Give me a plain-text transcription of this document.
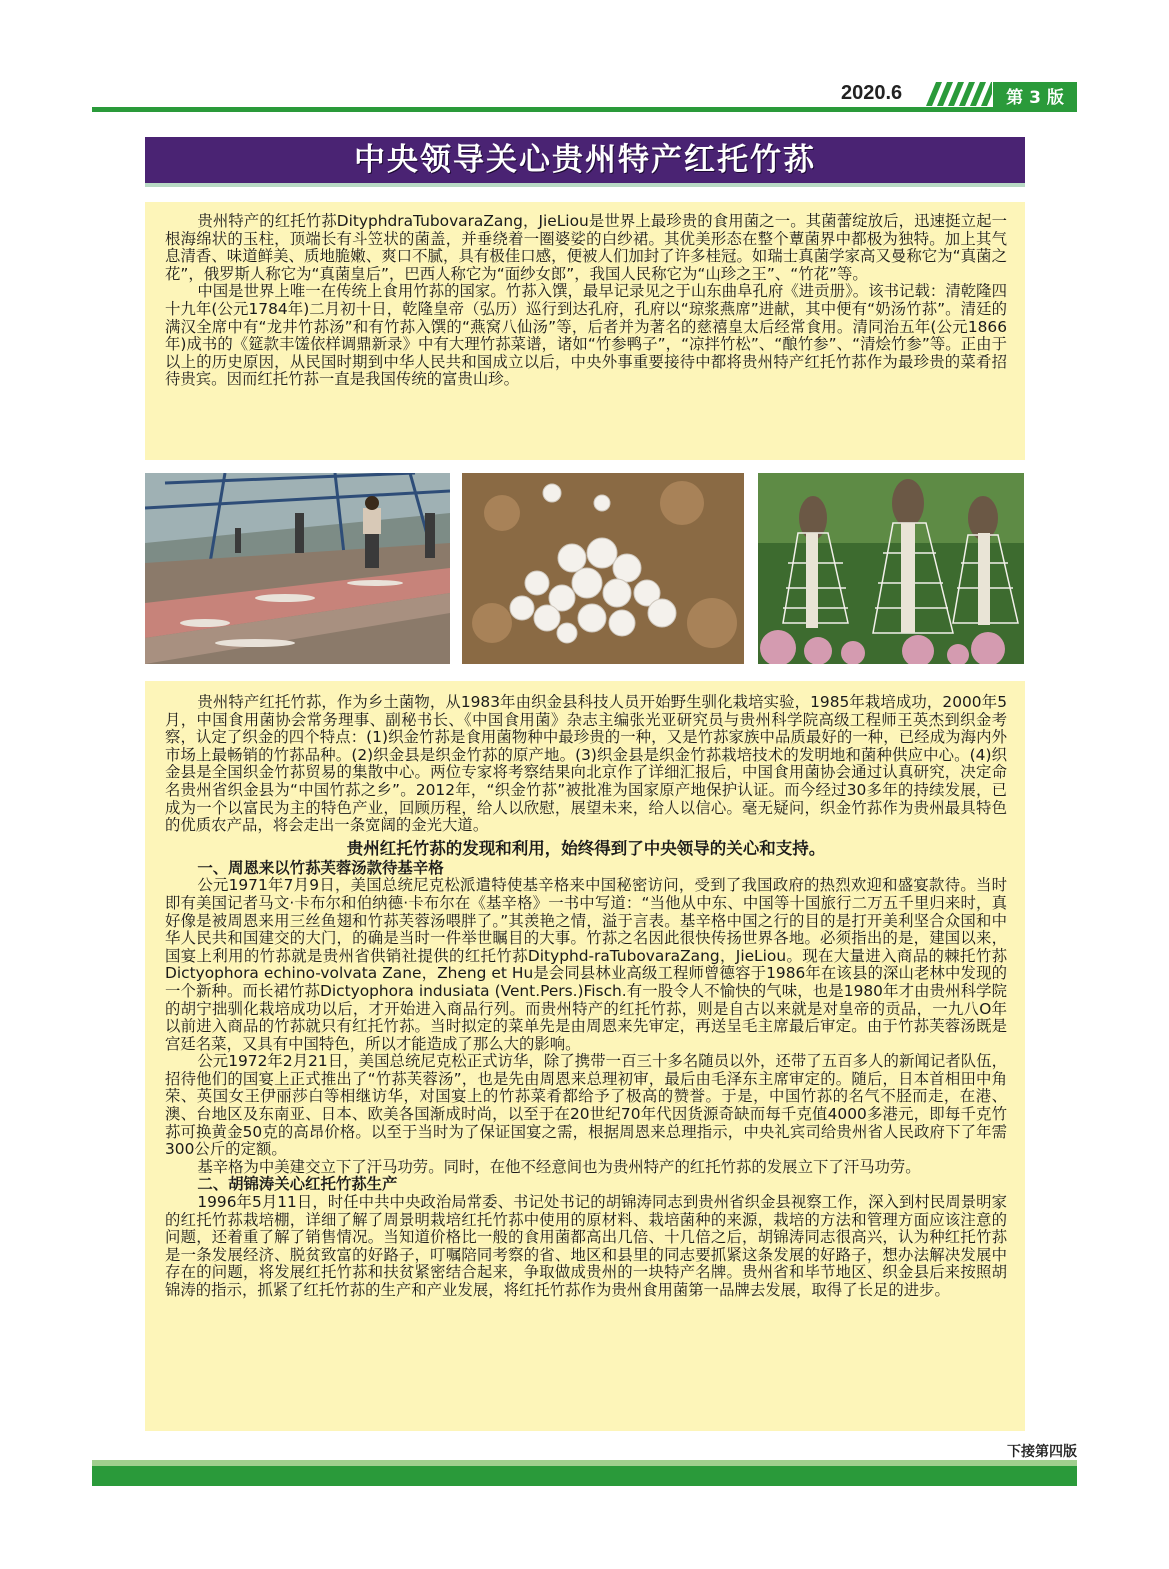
2020.6	第 3 版
中央领导关心贵州特产红托竹荪

贵州特产的红托竹荪DityphdraTubovaraZang，JieLiou是世界上最珍贵的食用菌之一。其菌蕾绽放后，迅速挺立起一根海绵状的玉柱，顶端长有斗笠状的菌盖，并垂绕着一圈婆娑的白纱裙。其优美形态在整个蕈菌界中都极为独特。加上其气息清香、味道鲜美、质地脆嫩、爽口不腻，具有极佳口感，便被人们加封了许多桂冠。如瑞士真菌学家高又曼称它为“真菌之花”，俄罗斯人称它为“真菌皇后”，巴西人称它为“面纱女郎”，我国人民称它为“山珍之王”、“竹花”等。

中国是世界上唯一在传统上食用竹荪的国家。竹荪入馔，最早记录见之于山东曲阜孔府《进贡册》。该书记载：清乾隆四十九年(公元1784年)二月初十日，乾隆皇帝（弘历）巡行到达孔府，孔府以“琼浆燕席”进献，其中便有“奶汤竹荪”。清廷的满汉全席中有“龙井竹荪汤”和有竹荪入馔的“燕窝八仙汤”等，后者并为著名的慈禧皇太后经常食用。清同治五年(公元1866年)成书的《筵款丰馐依样调鼎新录》中有大理竹荪菜谱，诸如“竹参鸭子”，“凉拌竹松”、“酿竹参”、“清烩竹参”等。正由于以上的历史原因，从民国时期到中华人民共和国成立以后，中央外事重要接待中都将贵州特产红托竹荪作为最珍贵的菜肴招待贵宾。因而红托竹荪一直是我国传统的富贵山珍。

贵州特产红托竹荪，作为乡土菌物，从1983年由织金县科技人员开始野生驯化栽培实验，1985年栽培成功，2000年5月，中国食用菌协会常务理事、副秘书长、《中国食用菌》杂志主编张光亚研究员与贵州科学院高级工程师王英杰到织金考察，认定了织金的四个特点：(1)织金竹荪是食用菌物种中最珍贵的一种，又是竹荪家族中品质最好的一种，已经成为海内外市场上最畅销的竹荪品种。(2)织金县是织金竹荪的原产地。(3)织金县是织金竹荪栽培技术的发明地和菌种供应中心。(4)织金县是全国织金竹荪贸易的集散中心。两位专家将考察结果向北京作了详细汇报后，中国食用菌协会通过认真研究，决定命名贵州省织金县为“中国竹荪之乡”。2012年，“织金竹荪”被批准为国家原产地保护认证。而今经过30多年的持续发展，已成为一个以富民为主的特色产业，回顾历程，给人以欣慰，展望未来，给人以信心。毫无疑问，织金竹荪作为贵州最具特色的优质农产品，将会走出一条宽阔的金光大道。

贵州红托竹荪的发现和利用，始终得到了中央领导的关心和支持。
一、周恩来以竹荪芙蓉汤款待基辛格

公元1971年7月9日，美国总统尼克松派遣特使基辛格来中国秘密访问，受到了我国政府的热烈欢迎和盛宴款待。当时即有美国记者马文·卡布尔和伯纳德·卡布尔在《基辛格》一书中写道：“当他从中东、中国等十国旅行二万五千里归来时，真好像是被周恩来用三丝鱼翅和竹荪芙蓉汤喂胖了。”其羡艳之情，溢于言表。基辛格中国之行的目的是打开美利坚合众国和中华人民共和国建交的大门，的确是当时一件举世瞩目的大事。竹荪之名因此很快传扬世界各地。必须指出的是，建国以来，国宴上利用的竹荪就是贵州省供销社提供的红托竹荪Dityphd-raTubovaraZang，JieLiou。现在大量进入商品的棘托竹荪Dictyophora echino-volvata Zane，Zheng et Hu是会同县林业高级工程师曾德容于1986年在该县的深山老林中发现的一个新种。而长裙竹荪Dictyophora indusiata (Vent.Pers.)Fisch.有一股令人不愉快的气味，也是1980年才由贵州科学院的胡宁拙驯化栽培成功以后，才开始进入商品行列。而贵州特产的红托竹荪，则是自古以来就是对皇帝的贡品，一九八O年以前进入商品的竹荪就只有红托竹荪。当时拟定的菜单先是由周恩来先审定，再送呈毛主席最后审定。由于竹荪芙蓉汤既是宫廷名菜，又具有中国特色，所以才能造成了那么大的影响。

公元1972年2月21日，美国总统尼克松正式访华，除了携带一百三十多名随员以外，还带了五百多人的新闻记者队伍，招待他们的国宴上正式推出了“竹荪芙蓉汤”，也是先由周恩来总理初审，最后由毛泽东主席审定的。随后，日本首相田中角荣、英国女王伊丽莎白等相继访华，对国宴上的竹荪菜肴都给予了极高的赞誉。于是，中国竹荪的名气不胫而走，在港、澳、台地区及东南亚、日本、欧美各国渐成时尚，以至于在20世纪70年代因货源奇缺而每千克值4000多港元，即每千克竹荪可换黄金50克的高昂价格。以至于当时为了保证国宴之需，根据周恩来总理指示，中央礼宾司给贵州省人民政府下了年需300公斤的定额。

基辛格为中美建交立下了汗马功劳。同时，在他不经意间也为贵州特产的红托竹荪的发展立下了汗马功劳。

二、胡锦涛关心红托竹荪生产

1996年5月11日，时任中共中央政治局常委、书记处书记的胡锦涛同志到贵州省织金县视察工作，深入到村民周景明家的红托竹荪栽培棚，详细了解了周景明栽培红托竹荪中使用的原材料、栽培菌种的来源，栽培的方法和管理方面应该注意的问题，还着重了解了销售情况。当知道价格比一般的食用菌都高出几倍、十几倍之后，胡锦涛同志很高兴，认为种红托竹荪是一条发展经济、脱贫致富的好路子，叮嘱陪同考察的省、地区和县里的同志要抓紧这条发展的好路子，想办法解决发展中存在的问题，将发展红托竹荪和扶贫紧密结合起来，争取做成贵州的一块特产名牌。贵州省和毕节地区、织金县后来按照胡锦涛的指示，抓紧了红托竹荪的生产和产业发展，将红托竹荪作为贵州食用菌第一品牌去发展，取得了长足的进步。

下接第四版
